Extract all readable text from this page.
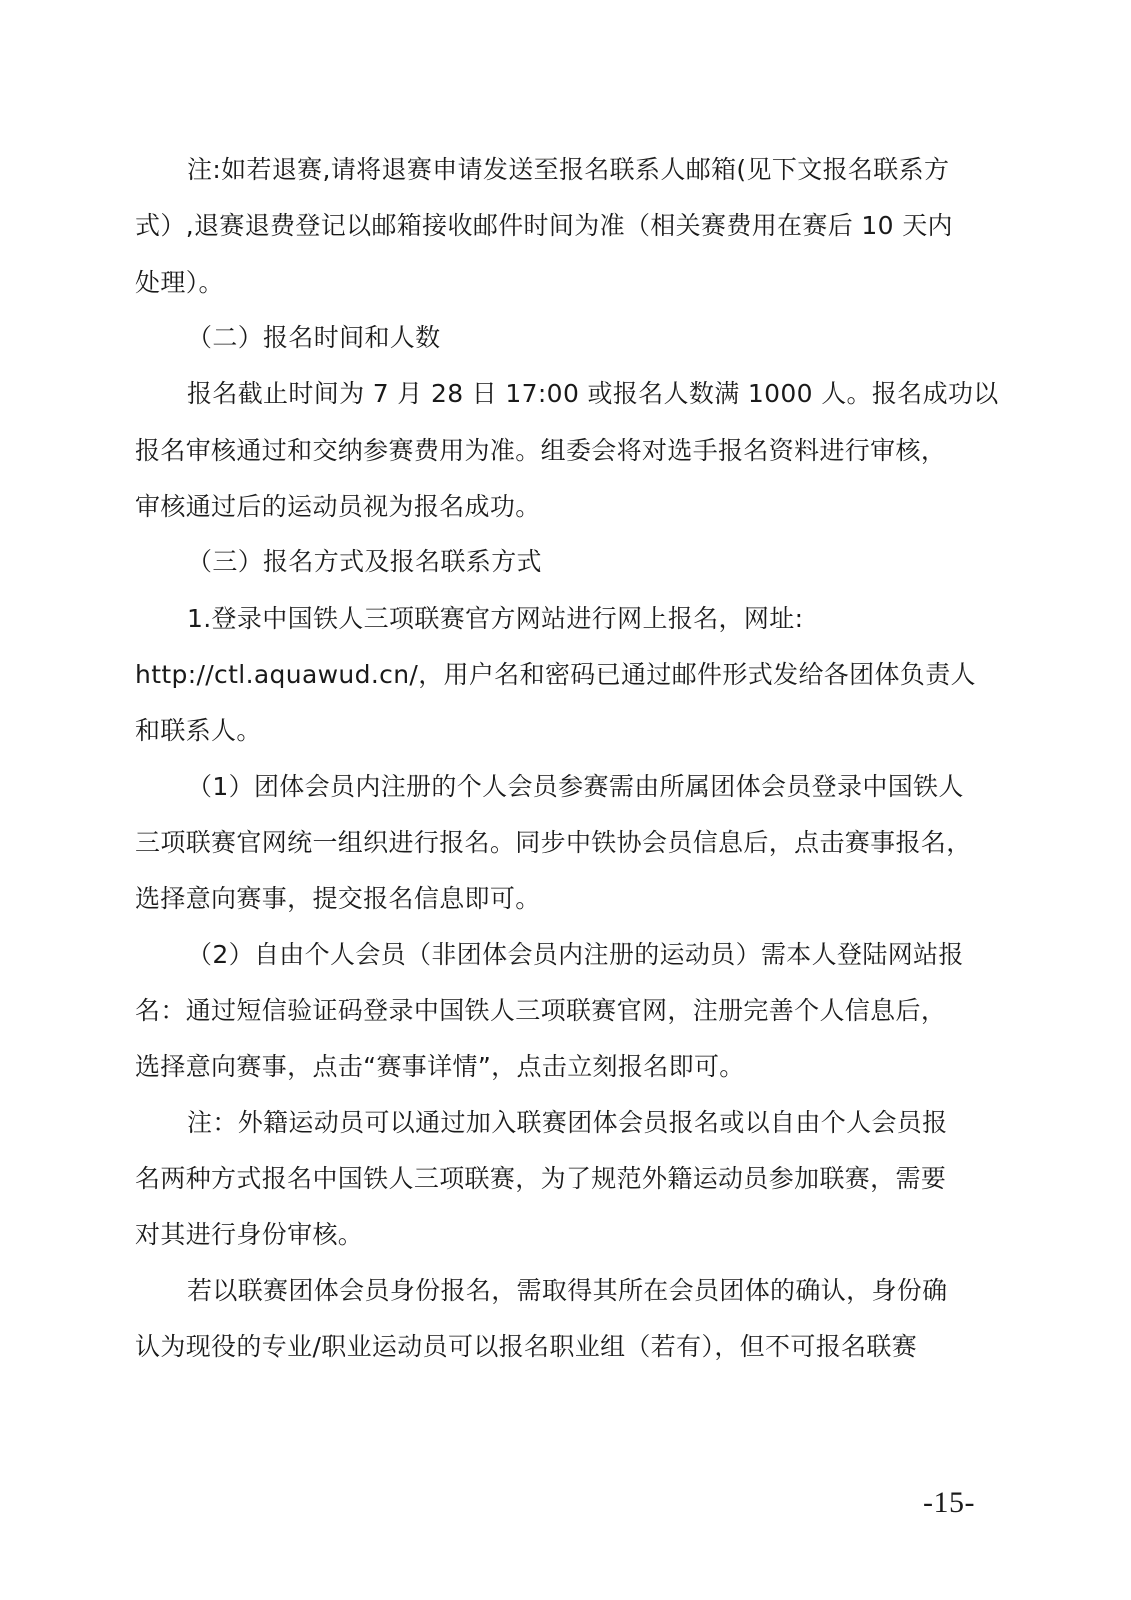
注:如若退赛,请将退赛申请发送至报名联系人邮箱(见下文报名联系方
式）,退赛退费登记以邮箱接收邮件时间为准（相关赛费用在赛后 10 天内
处理）。
（二）报名时间和人数
报名截止时间为 7 月 28 日 17:00 或报名人数满 1000 人。报名成功以
报名审核通过和交纳参赛费用为准。组委会将对选手报名资料进行审核，
审核通过后的运动员视为报名成功。
（三）报名方式及报名联系方式
1.登录中国铁人三项联赛官方网站进行网上报名，网址:
http://ctl.aquawud.cn/，用户名和密码已通过邮件形式发给各团体负责人
和联系人。
（1）团体会员内注册的个人会员参赛需由所属团体会员登录中国铁人
三项联赛官网统一组织进行报名。同步中铁协会员信息后，点击赛事报名，
选择意向赛事，提交报名信息即可。
（2）自由个人会员（非团体会员内注册的运动员）需本人登陆网站报
名：通过短信验证码登录中国铁人三项联赛官网，注册完善个人信息后，
选择意向赛事，点击“赛事详情”，点击立刻报名即可。
注：外籍运动员可以通过加入联赛团体会员报名或以自由个人会员报
名两种方式报名中国铁人三项联赛，为了规范外籍运动员参加联赛，需要
对其进行身份审核。
若以联赛团体会员身份报名，需取得其所在会员团体的确认，身份确
认为现役的专业/职业运动员可以报名职业组（若有），但不可报名联赛
-15-
